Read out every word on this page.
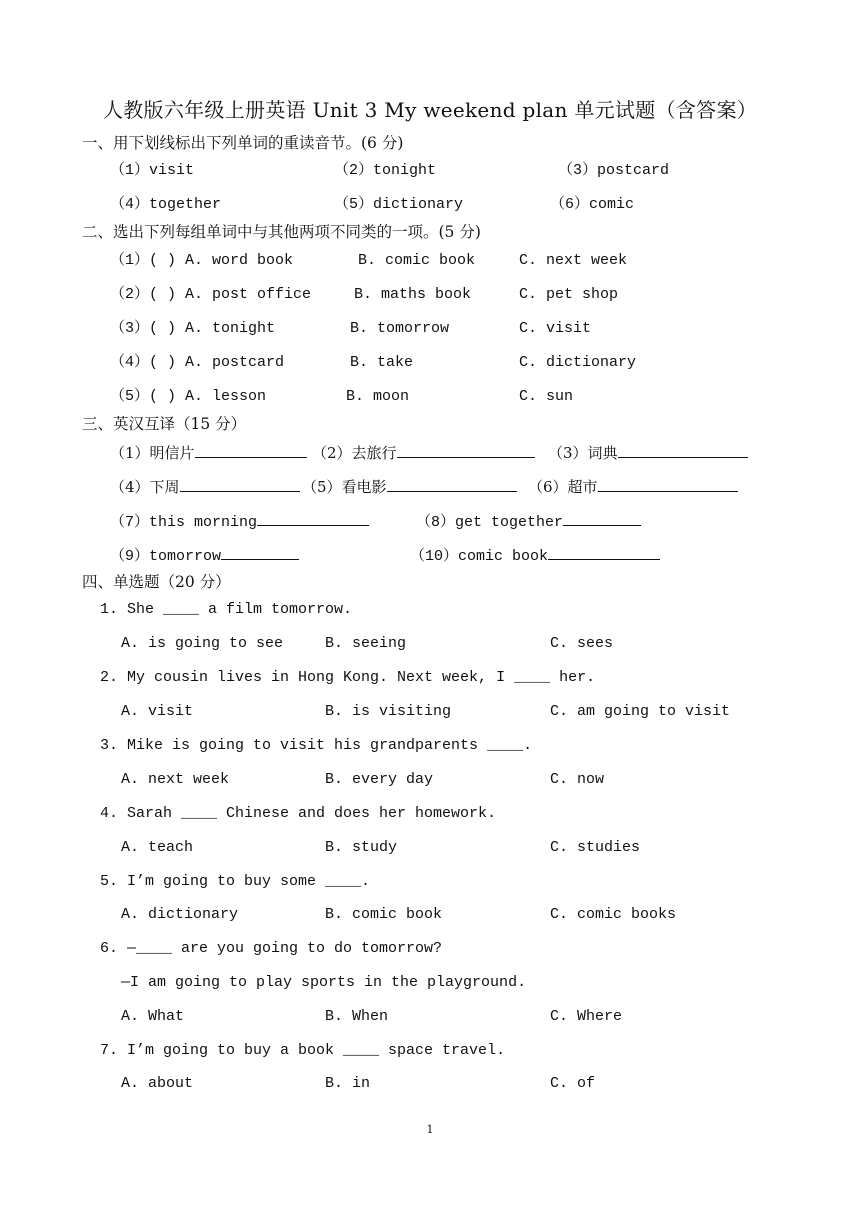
人教版六年级上册英语 Unit 3 My weekend plan 单元试题（含答案）
一、用下划线标出下列单词的重读音节。(6 分)
（1）visit	（2）tonight	（3）postcard
（4）together	（5）dictionary	（6）comic
二、选出下列每组单词中与其他两项不同类的一项。(5 分)
（1）( ) A. word book	B. comic book	C. next week
（2）( ) A. post office	B. maths book	C. pet shop
（3）( ) A. tonight	B. tomorrow	C. visit
（4）( ) A. postcard	B. take	C. dictionary
（5）( ) A. lesson	B. moon	C. sun
三、英汉互译（15 分）
（1）明信片	（2）去旅行	（3）词典
（4）下周	（5）看电影	（6）超市
（7）this morning	（8）get together
（9）tomorrow	（10）comic book
四、单选题（20 分）
1. She ____ a film tomorrow.
A. is going to see	B. seeing	C. sees
2. My cousin lives in Hong Kong. Next week, I ____ her.
A. visit	B. is visiting	C. am going to visit
3. Mike is going to visit his grandparents ____.
A. next week	B. every day	C. now
4. Sarah ____ Chinese and does her homework.
A. teach	B. study	C. studies
5. I’m going to buy some ____.
A. dictionary	B. comic book	C. comic books
6. —____ are you going to do tomorrow?
—I am going to play sports in the playground.
A. What	B. When	C. Where
7. I’m going to buy a book ____ space travel.
A. about	B. in	C. of
1
